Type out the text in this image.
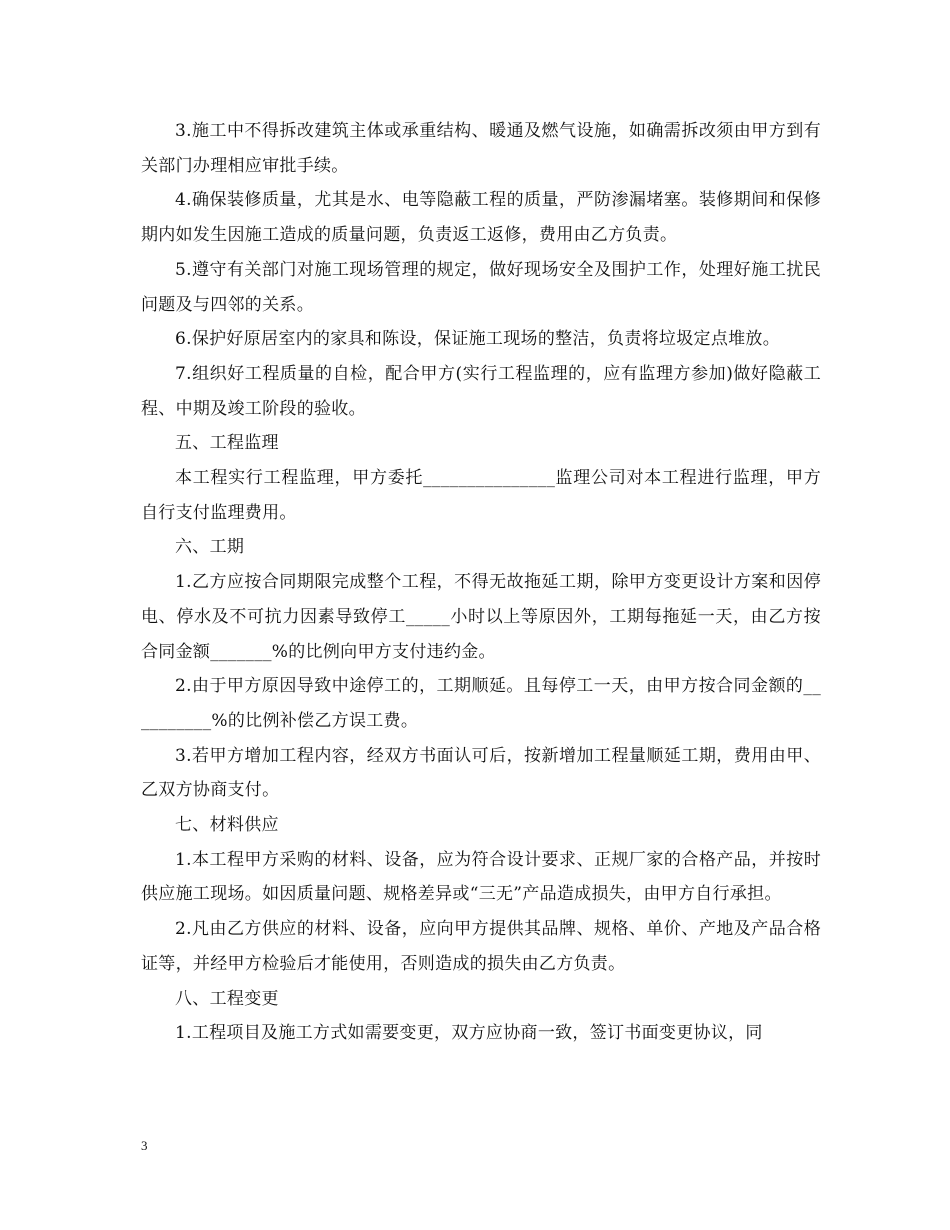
3.施工中不得拆改建筑主体或承重结构、暖通及燃气设施，如确需拆改须由甲方到有关部门办理相应审批手续。

4.确保装修质量，尤其是水、电等隐蔽工程的质量，严防渗漏堵塞。装修期间和保修期内如发生因施工造成的质量问题，负责返工返修，费用由乙方负责。

5.遵守有关部门对施工现场管理的规定，做好现场安全及围护工作，处理好施工扰民问题及与四邻的关系。

6.保护好原居室内的家具和陈设，保证施工现场的整洁，负责将垃圾定点堆放。

7.组织好工程质量的自检，配合甲方(实行工程监理的，应有监理方参加)做好隐蔽工程、中期及竣工阶段的验收。

五、工程监理

本工程实行工程监理，甲方委托_______________监理公司对本工程进行监理，甲方自行支付监理费用。

六、工期

1.乙方应按合同期限完成整个工程，不得无故拖延工期，除甲方变更设计方案和因停电、停水及不可抗力因素导致停工_____小时以上等原因外，工期每拖延一天，由乙方按合同金额_______%的比例向甲方支付违约金。

2.由于甲方原因导致中途停工的，工期顺延。且每停工一天，由甲方按合同金额的__________%的比例补偿乙方误工费。

3.若甲方增加工程内容，经双方书面认可后，按新增加工程量顺延工期，费用由甲、乙双方协商支付。

七、材料供应

1.本工程甲方采购的材料、设备，应为符合设计要求、正规厂家的合格产品，并按时供应施工现场。如因质量问题、规格差异或“三无”产品造成损失，由甲方自行承担。

2.凡由乙方供应的材料、设备，应向甲方提供其品牌、规格、单价、产地及产品合格证等，并经甲方检验后才能使用，否则造成的损失由乙方负责。

八、工程变更

1.工程项目及施工方式如需要变更，双方应协商一致，签订书面变更协议，同

3
